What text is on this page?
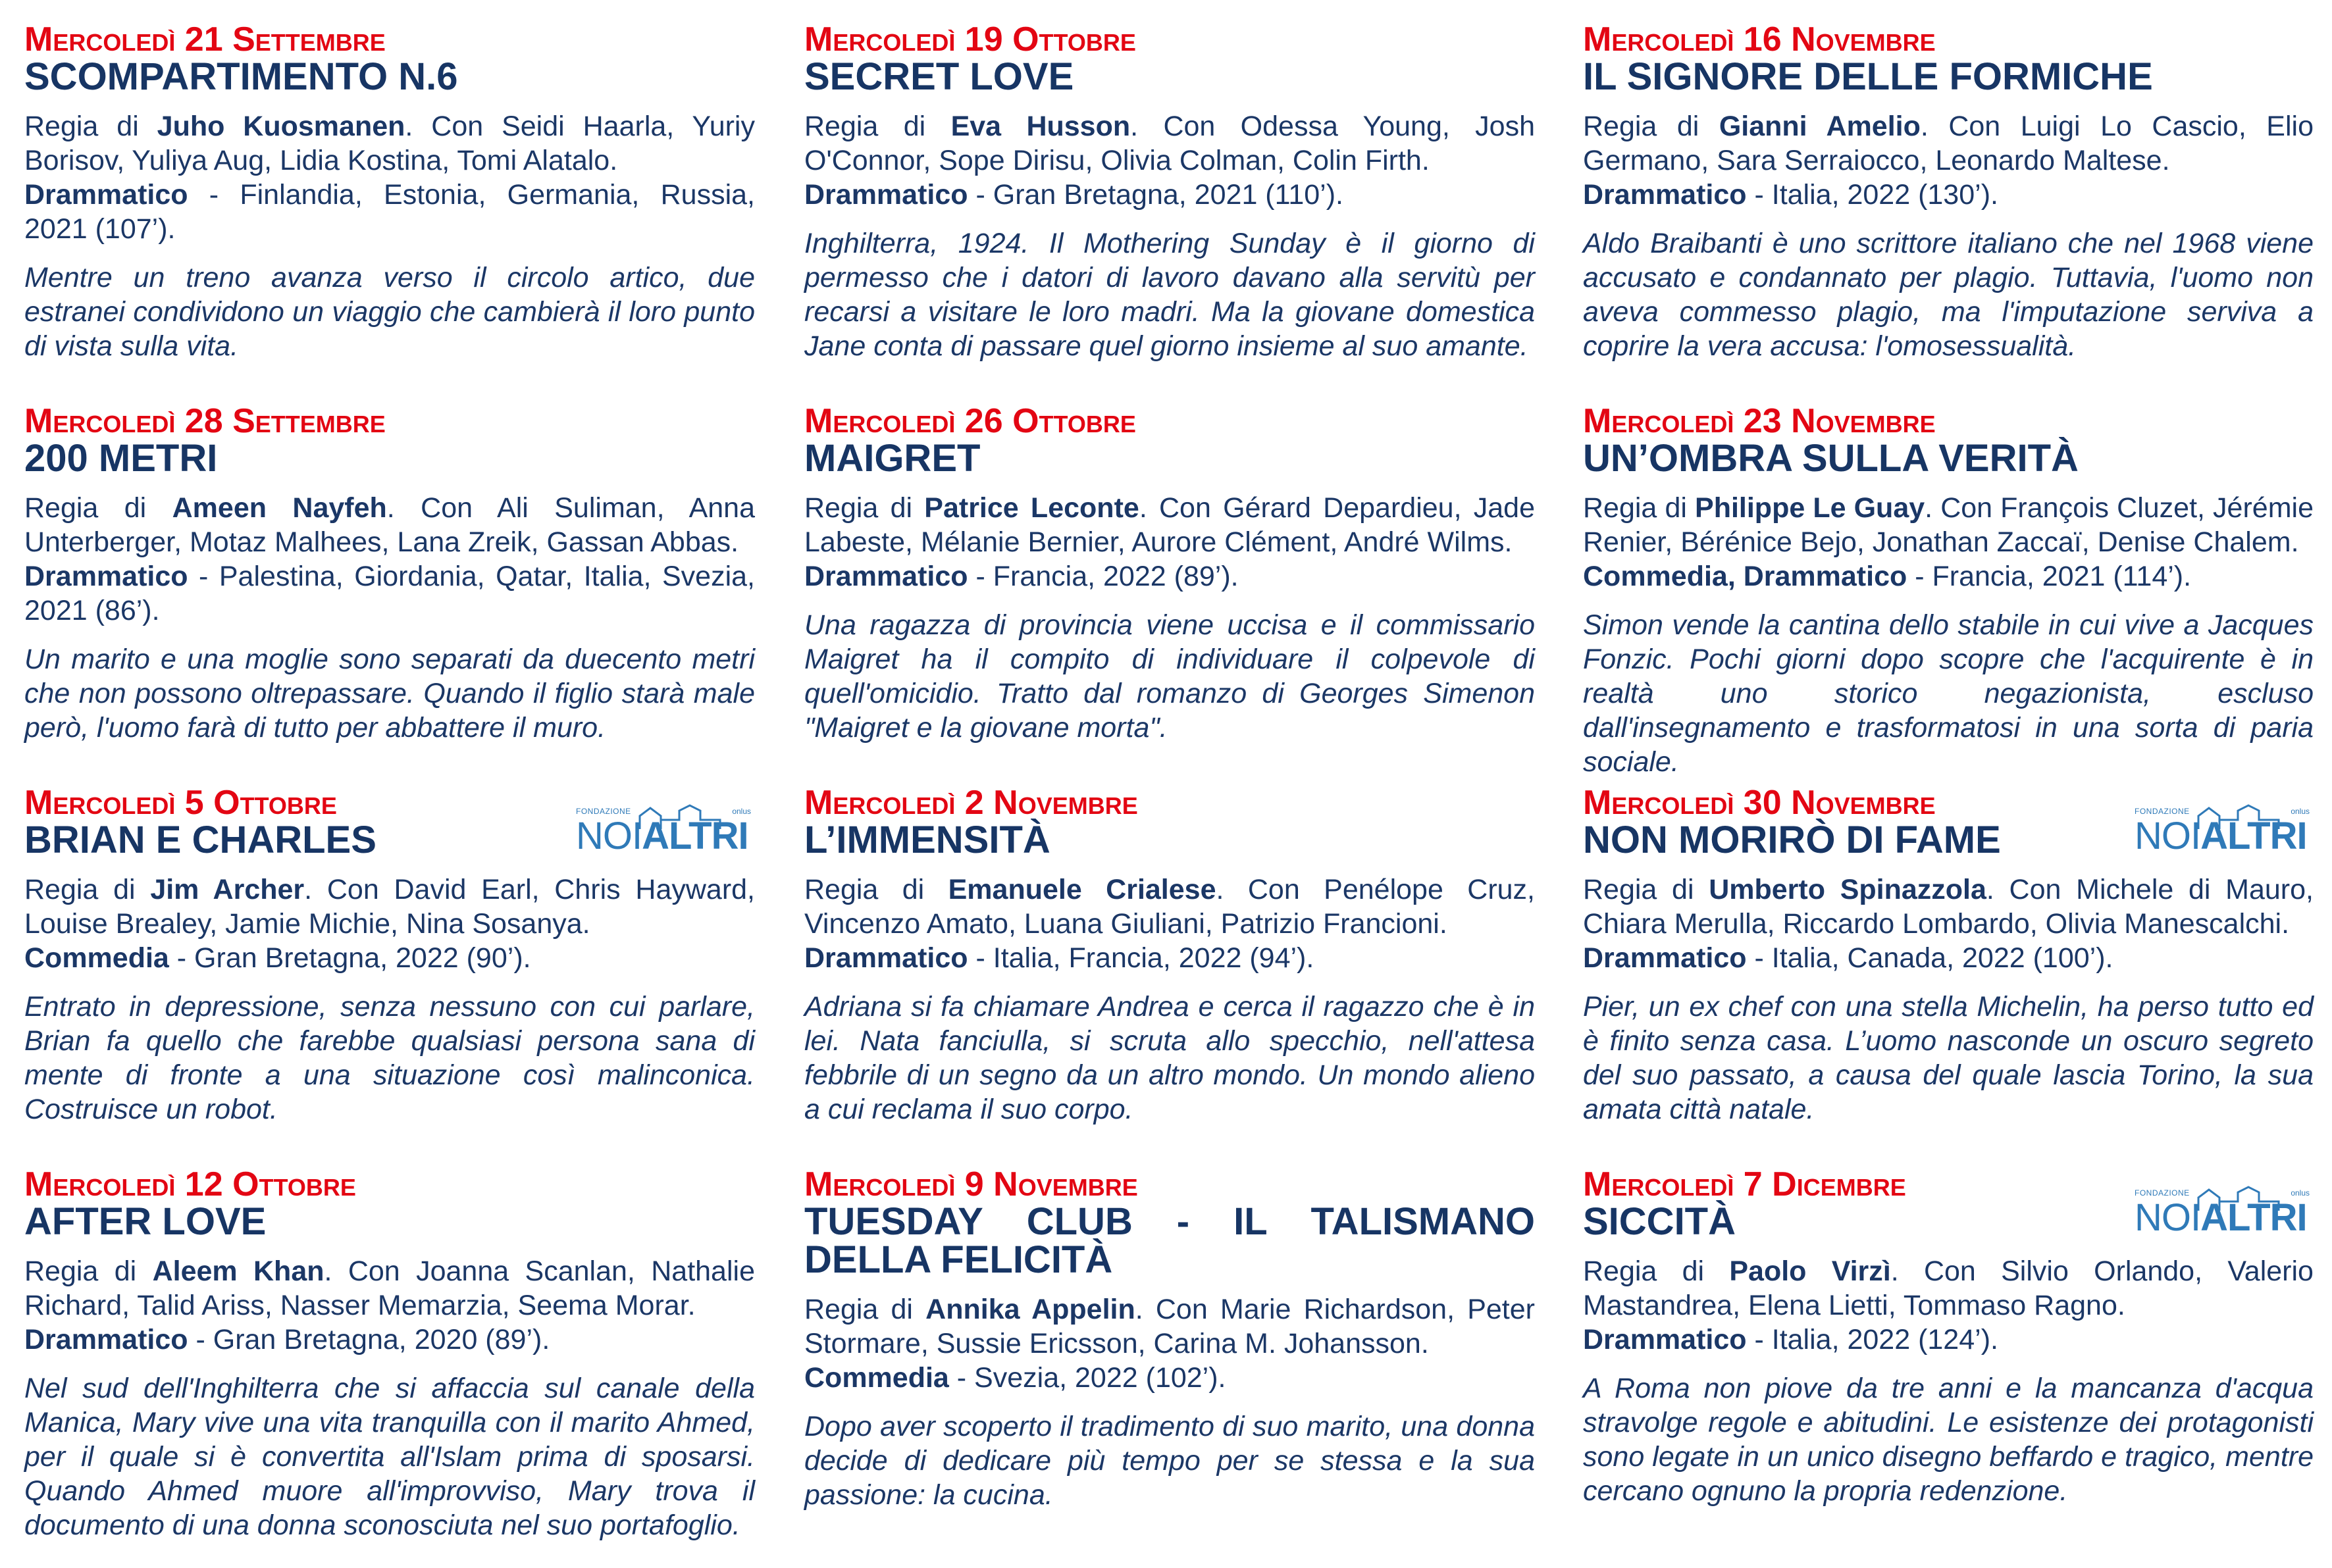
Mercoledì 21 Settembre

SCOMPARTIMENTO N.6

Regia di Juho Kuosmanen. Con Seidi Haarla, Yuriy Borisov, Yuliya Aug, Lidia Kostina, Tomi Alatalo.
Drammatico - Finlandia, Estonia, Germania, Russia, 2021 (107’).

Mentre un treno avanza verso il circolo artico, due estranei condividono un viaggio che cambierà il loro punto di vista sulla vita.

Mercoledì 28 Settembre

200 METRI

Regia di Ameen Nayfeh. Con Ali Suliman, Anna Unterberger, Motaz Malhees, Lana Zreik, Gassan Abbas.
Drammatico - Palestina, Giordania, Qatar, Italia, Svezia, 2021 (86’).

Un marito e una moglie sono separati da duecento metri che non possono oltrepassare. Quando il figlio starà male però, l'uomo farà di tutto per abbattere il muro.

Mercoledì 5 Ottobre

BRIAN E CHARLES

Regia di Jim Archer. Con David Earl, Chris Hayward, Louise Brealey, Jamie Michie, Nina Sosanya.
Commedia - Gran Bretagna, 2022 (90’).

Entrato in depressione, senza nessuno con cui parlare, Brian fa quello che farebbe qualsiasi persona sana di mente di fronte a una situazione così malinconica. Costruisce un robot.

FONDAZIONE	onlus
NOIALTRI

Mercoledì 12 Ottobre

AFTER LOVE

Regia di Aleem Khan. Con Joanna Scanlan, Nathalie Richard, Talid Ariss, Nasser Memarzia, Seema Morar.
Drammatico - Gran Bretagna, 2020 (89’).

Nel sud dell'Inghilterra che si affaccia sul canale della Manica, Mary vive una vita tranquilla con il marito Ahmed, per il quale si è convertita all'Islam prima di sposarsi. Quando Ahmed muore all'improvviso, Mary trova il documento di una donna sconosciuta nel suo portafoglio.

Mercoledì 19 Ottobre

SECRET LOVE

Regia di Eva Husson. Con Odessa Young, Josh O'Connor, Sope Dirisu, Olivia Colman, Colin Firth.
Drammatico - Gran Bretagna, 2021 (110’).

Inghilterra, 1924. Il Mothering Sunday è il giorno di permesso che i datori di lavoro davano alla servitù per recarsi a visitare le loro madri. Ma la giovane domestica Jane conta di passare quel giorno insieme al suo amante.

Mercoledì 26 Ottobre

MAIGRET

Regia di Patrice Leconte. Con Gérard Depardieu, Jade Labeste, Mélanie Bernier, Aurore Clément, André Wilms.
Drammatico - Francia, 2022 (89’).

Una ragazza di provincia viene uccisa e il commissario Maigret ha il compito di individuare il colpevole di quell'omicidio. Tratto dal romanzo di Georges Simenon "Maigret e la giovane morta".

Mercoledì 2 Novembre

L’IMMENSITÀ

Regia di Emanuele Crialese. Con Penélope Cruz, Vincenzo Amato, Luana Giuliani, Patrizio Francioni.
Drammatico - Italia, Francia, 2022 (94’).

Adriana si fa chiamare Andrea e cerca il ragazzo che è in lei. Nata fanciulla, si scruta allo specchio, nell'attesa febbrile di un segno da un altro mondo. Un mondo alieno a cui reclama il suo corpo.

Mercoledì 9 Novembre

TUESDAY CLUB - IL TALISMANO DELLA FELICITÀ

Regia di Annika Appelin. Con Marie Richardson, Peter Stormare, Sussie Ericsson, Carina M. Johansson.
Commedia - Svezia, 2022 (102’).

Dopo aver scoperto il tradimento di suo marito, una donna decide di dedicare più tempo per se stessa e la sua passione: la cucina.

Mercoledì 16 Novembre

IL SIGNORE DELLE FORMICHE

Regia di Gianni Amelio. Con Luigi Lo Cascio, Elio Germano, Sara Serraiocco, Leonardo Maltese.
Drammatico - Italia, 2022 (130’).

Aldo Braibanti è uno scrittore italiano che nel 1968 viene accusato e condannato per plagio. Tuttavia, l'uomo non aveva commesso plagio, ma l'imputazione serviva a coprire la vera accusa: l'omosessualità.

Mercoledì 23 Novembre

UN’OMBRA SULLA VERITÀ

Regia di Philippe Le Guay. Con François Cluzet, Jérémie Renier, Bérénice Bejo, Jonathan Zaccaï, Denise Chalem.
Commedia, Drammatico - Francia, 2021 (114’).

Simon vende la cantina dello stabile in cui vive a Jacques Fonzic. Pochi giorni dopo scopre che l'acquirente è in realtà uno storico negazionista, escluso dall'insegnamento e trasformatosi in una sorta di paria sociale.

Mercoledì 30 Novembre

NON MORIRÒ DI FAME

Regia di Umberto Spinazzola. Con Michele di Mauro, Chiara Merulla, Riccardo Lombardo, Olivia Manescalchi.
Drammatico - Italia, Canada, 2022 (100’).

Pier, un ex chef con una stella Michelin, ha perso tutto ed è finito senza casa. L’uomo nasconde un oscuro segreto del suo passato, a causa del quale lascia Torino, la sua amata città natale.

FONDAZIONE	onlus
NOIALTRI

Mercoledì 7 Dicembre

SICCITÀ

Regia di Paolo Virzì. Con Silvio Orlando, Valerio Mastandrea, Elena Lietti, Tommaso Ragno.
Drammatico - Italia, 2022 (124’).

A Roma non piove da tre anni e la mancanza d'acqua stravolge regole e abitudini. Le esistenze dei protagonisti sono legate in un unico disegno beffardo e tragico, mentre cercano ognuno la propria redenzione.

FONDAZIONE	onlus
NOIALTRI
